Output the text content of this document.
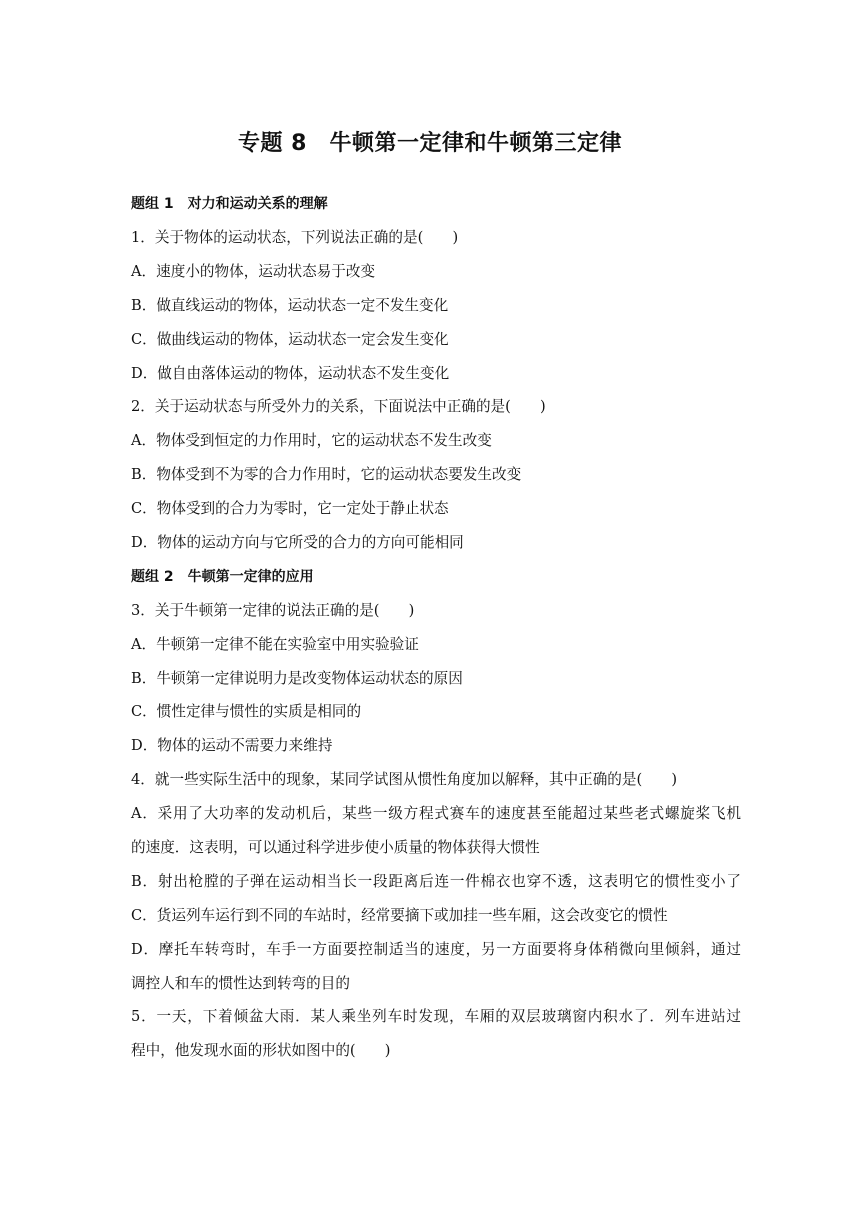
专题 8　牛顿第一定律和牛顿第三定律
题组 1　对力和运动关系的理解
1．关于物体的运动状态，下列说法正确的是(　　)
A．速度小的物体，运动状态易于改变
B．做直线运动的物体，运动状态一定不发生变化
C．做曲线运动的物体，运动状态一定会发生变化
D．做自由落体运动的物体，运动状态不发生变化
2．关于运动状态与所受外力的关系，下面说法中正确的是(　　)
A．物体受到恒定的力作用时，它的运动状态不发生改变
B．物体受到不为零的合力作用时，它的运动状态要发生改变
C．物体受到的合力为零时，它一定处于静止状态
D．物体的运动方向与它所受的合力的方向可能相同
题组 2　牛顿第一定律的应用
3．关于牛顿第一定律的说法正确的是(　　)
A．牛顿第一定律不能在实验室中用实验验证
B．牛顿第一定律说明力是改变物体运动状态的原因
C．惯性定律与惯性的实质是相同的
D．物体的运动不需要力来维持
4．就一些实际生活中的现象，某同学试图从惯性角度加以解释，其中正确的是(　　)
A．采用了大功率的发动机后，某些一级方程式赛车的速度甚至能超过某些老式螺旋桨飞机
的速度．这表明，可以通过科学进步使小质量的物体获得大惯性
B．射出枪膛的子弹在运动相当长一段距离后连一件棉衣也穿不透，这表明它的惯性变小了
C．货运列车运行到不同的车站时，经常要摘下或加挂一些车厢，这会改变它的惯性
D．摩托车转弯时，车手一方面要控制适当的速度，另一方面要将身体稍微向里倾斜，通过
调控人和车的惯性达到转弯的目的
5．一天，下着倾盆大雨．某人乘坐列车时发现，车厢的双层玻璃窗内积水了．列车进站过
程中，他发现水面的形状如图中的(　　)
